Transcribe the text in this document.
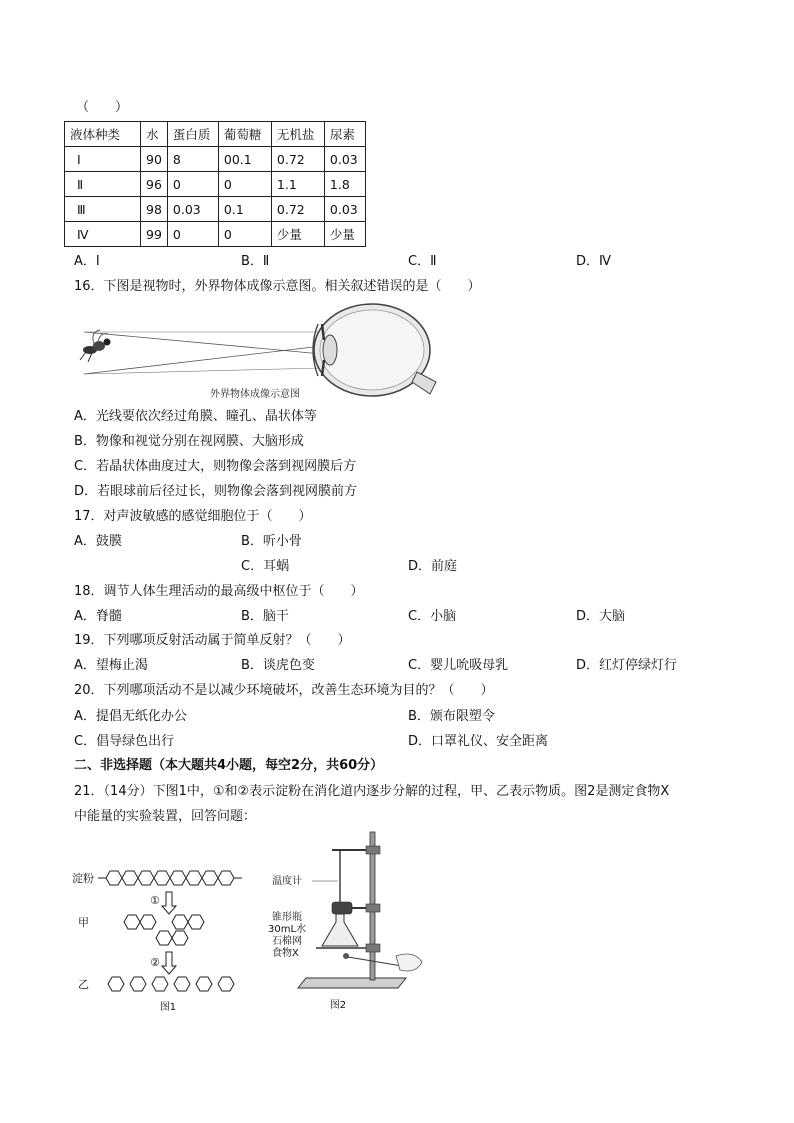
（　　）
液体种类	水	蛋白质	葡萄糖	无机盐	尿素
Ⅰ	90	8	00.1	0.72	0.03
Ⅱ	96	0	0	1.1	1.8
Ⅲ	98	0.03	0.1	0.72	0.03
Ⅳ	99	0	0	少量	少量
A．Ⅰ	B．Ⅱ	C．Ⅱ	D．Ⅳ
16．下图是视物时，外界物体成像示意图。相关叙述错误的是（　　）
外界物体成像示意图
A．光线要依次经过角膜、瞳孔、晶状体等
B．物像和视觉分别在视网膜、大脑形成
C．若晶状体曲度过大，则物像会落到视网膜后方
D．若眼球前后径过长，则物像会落到视网膜前方
17．对声波敏感的感觉细胞位于（　　）
A．鼓膜	B．听小骨
C．耳蜗	D．前庭
18．调节人体生理活动的最高级中枢位于（　　）
A．脊髓	B．脑干	C．小脑	D．大脑
19．下列哪项反射活动属于简单反射？（　　）
A．望梅止渴	B．谈虎色变	C．婴儿吮吸母乳	D．红灯停绿灯行
20．下列哪项活动不是以减少环境破坏，改善生态环境为目的？（　　）
A．提倡无纸化办公	B．颁布限塑令
C．倡导绿色出行	D．口罩礼仪、安全距离
二、非选择题（本大题共4小题，每空2分，共60分）
21．（14分）下图1中，①和②表示淀粉在消化道内逐步分解的过程，甲、乙表示物质。图2是测定食物X
中能量的实验装置，回答问题：
淀粉
①
甲
②
乙
图1
温度计
锥形瓶
30mL水
石棉网
食物X
图2
